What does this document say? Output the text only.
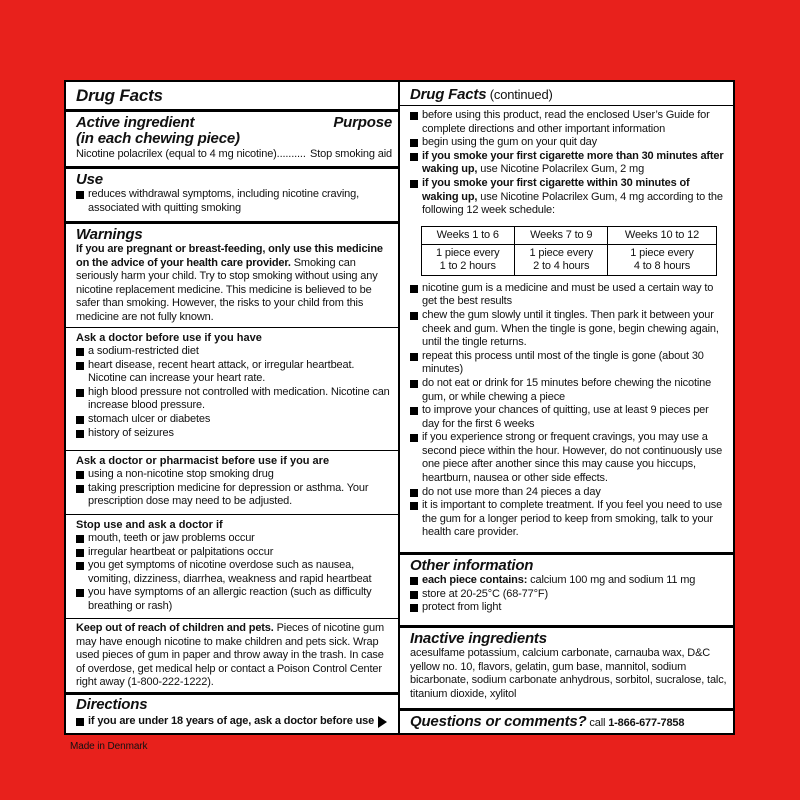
Drug Facts
Active ingredient	Purpose
(in each chewing piece)
Nicotine polacrilex (equal to 4 mg nicotine).......... Stop smoking aid
Use
reduces withdrawal symptoms, including nicotine craving, associated with quitting smoking
Warnings
If you are pregnant or breast-feeding, only use this medicine on the advice of your health care provider. Smoking can seriously harm your child. Try to stop smoking without using any nicotine replacement medicine. This medicine is believed to be safer than smoking. However, the risks to your child from this medicine are not fully known.
Ask a doctor before use if you have
a sodium-restricted diet
heart disease, recent heart attack, or irregular heartbeat. Nicotine can increase your heart rate.
high blood pressure not controlled with medication. Nicotine can increase blood pressure.
stomach ulcer or diabetes
history of seizures
Ask a doctor or pharmacist before use if you are
using a non-nicotine stop smoking drug
taking prescription medicine for depression or asthma. Your prescription dose may need to be adjusted.
Stop use and ask a doctor if
mouth, teeth or jaw problems occur
irregular heartbeat or palpitations occur
you get symptoms of nicotine overdose such as nausea, vomiting, dizziness, diarrhea, weakness and rapid heartbeat
you have symptoms of an allergic reaction (such as difficulty breathing or rash)
Keep out of reach of children and pets. Pieces of nicotine gum may have enough nicotine to make children and pets sick. Wrap used pieces of gum in paper and throw away in the trash. In case of overdose, get medical help or contact a Poison Control Center right away (1-800-222-1222).
Directions
if you are under 18 years of age, ask a doctor before use
Drug Facts (continued)
before using this product, read the enclosed User’s Guide for complete directions and other important information
begin using the gum on your quit day
if you smoke your first cigarette more than 30 minutes after waking up, use Nicotine Polacrilex Gum, 2 mg
if you smoke your first cigarette within 30 minutes of waking up, use Nicotine Polacrilex Gum, 4 mg according to the following 12 week schedule:
Weeks 1 to 6	Weeks 7 to 9	Weeks 10 to 12
1 piece every
1 to 2 hours	1 piece every
2 to 4 hours	1 piece every
4 to 8 hours
nicotine gum is a medicine and must be used a certain way to get the best results
chew the gum slowly until it tingles. Then park it between your cheek and gum. When the tingle is gone, begin chewing again, until the tingle returns.
repeat this process until most of the tingle is gone (about 30 minutes)
do not eat or drink for 15 minutes before chewing the nicotine gum, or while chewing a piece
to improve your chances of quitting, use at least 9 pieces per day for the first 6 weeks
if you experience strong or frequent cravings, you may use a second piece within the hour. However, do not continuously use one piece after another since this may cause you hiccups, heartburn, nausea or other side effects.
do not use more than 24 pieces a day
it is important to complete treatment. If you feel you need to use the gum for a longer period to keep from smoking, talk to your health care provider.
Other information
each piece contains: calcium 100 mg and sodium 11 mg
store at 20-25°C (68-77°F)
protect from light
Inactive ingredients
acesulfame potassium, calcium carbonate, carnauba wax, D&C yellow no. 10, flavors, gelatin, gum base, mannitol, sodium bicarbonate, sodium carbonate anhydrous, sorbitol, sucralose, talc, titanium dioxide, xylitol
Questions or comments? call 1-866-677-7858
Made in Denmark
